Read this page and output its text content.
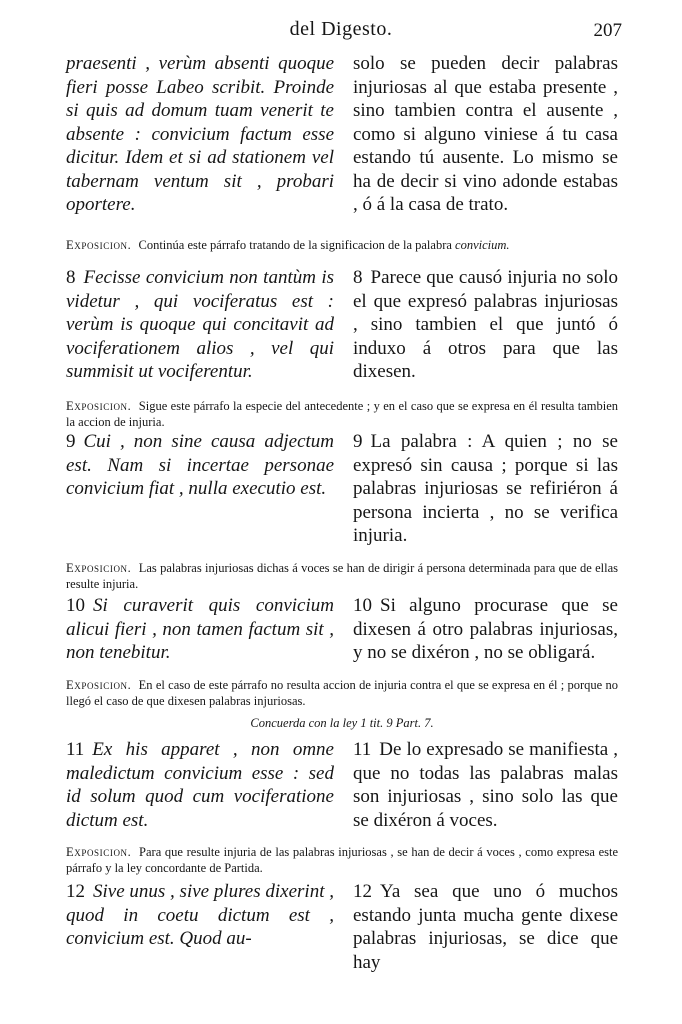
del Digesto.	207
praesenti , verùm absenti quoque fieri posse Labeo scribit. Proinde si quis ad domum tuam venerit te absente : convicium factum esse dicitur. Idem et si ad stationem vel tabernam ventum sit , probari oportere.
solo se pueden decir palabras injuriosas al que estaba presente , sino tambien contra el ausente , como si alguno viniese á tu casa estando tú ausente. Lo mismo se ha de decir si vino adonde estabas , ó á la casa de trato.
Exposicion. Continúa este párrafo tratando de la significacion de la palabra convicium.
8 Fecisse convicium non tantùm is videtur , qui vociferatus est : verùm is quoque qui concitavit ad vociferationem alios , vel qui summisit ut vociferentur.
8 Parece que causó injuria no solo el que expresó palabras injuriosas , sino tambien el que juntó ó induxo á otros para que las dixesen.
Exposicion. Sigue este párrafo la especie del antecedente ; y en el caso que se expresa en él resulta tambien la accion de injuria.
9 Cui , non sine causa adjectum est. Nam si incertae personae convicium fiat , nulla executio est.
9 La palabra : A quien ; no se expresó sin causa ; porque si las palabras injuriosas se refiriéron á persona incierta , no se verifica injuria.
Exposicion. Las palabras injuriosas dichas á voces se han de dirigir á persona determinada para que de ellas resulte injuria.
10 Si curaverit quis convicium alicui fieri , non tamen factum sit , non tenebitur.
10 Si alguno procurase que se dixesen á otro palabras injuriosas, y no se dixéron , no se obligará.
Exposicion. En el caso de este párrafo no resulta accion de injuria contra el que se expresa en él ; porque no llegó el caso de que dixesen palabras injuriosas.
Concuerda con la ley 1 tit. 9 Part. 7.
11 Ex his apparet , non omne maledictum convicium esse : sed id solum quod cum vociferatione dictum est.
11 De lo expresado se manifiesta , que no todas las palabras malas son injuriosas , sino solo las que se dixéron á voces.
Exposicion. Para que resulte injuria de las palabras injuriosas , se han de decir á voces , como expresa este párrafo y la ley concordante de Partida.
12 Sive unus , sive plures dixerint , quod in coetu dictum est , convicium est. Quod au-
12 Ya sea que uno ó muchos estando junta mucha gente dixese palabras injuriosas, se dice que hay
